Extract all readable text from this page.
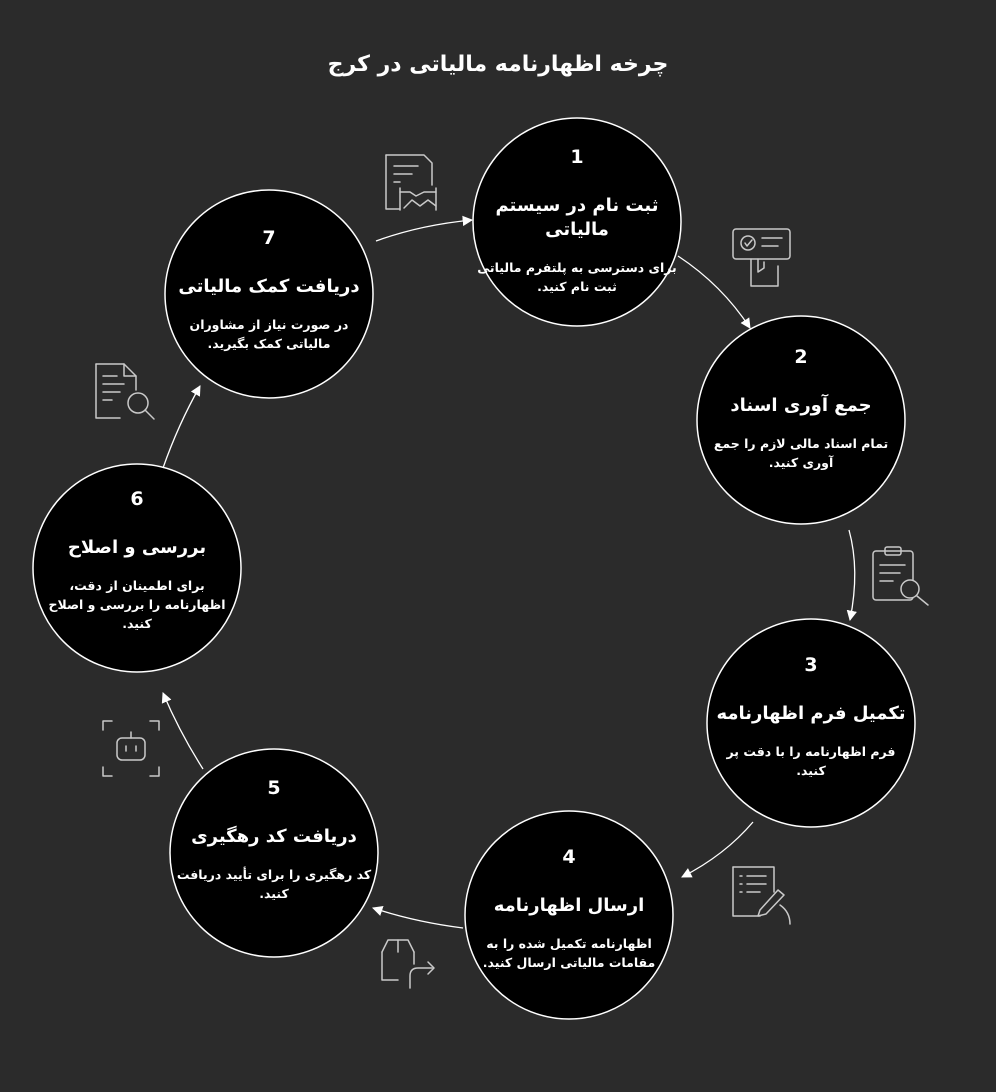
چرخه اظهارنامه مالیاتی در کرج
1
ثبت نام در سیستم مالیاتی
برای دسترسی به پلتفرم مالیاتی ثبت نام کنید.
2
جمع آوری اسناد
تمام اسناد مالی لازم را جمع آوری کنید.
3
تکمیل فرم اظهارنامه
فرم اظهارنامه را با دقت پر کنید.
4
ارسال اظهارنامه
اظهارنامه تکمیل شده را به مقامات مالیاتی ارسال کنید.
5
دریافت کد رهگیری
کد رهگیری را برای تأیید دریافت کنید.
6
بررسی و اصلاح
برای اطمینان از دقت، اظهارنامه را بررسی و اصلاح کنید.
7
دریافت کمک مالیاتی
در صورت نیاز از مشاوران مالیاتی کمک بگیرید.
